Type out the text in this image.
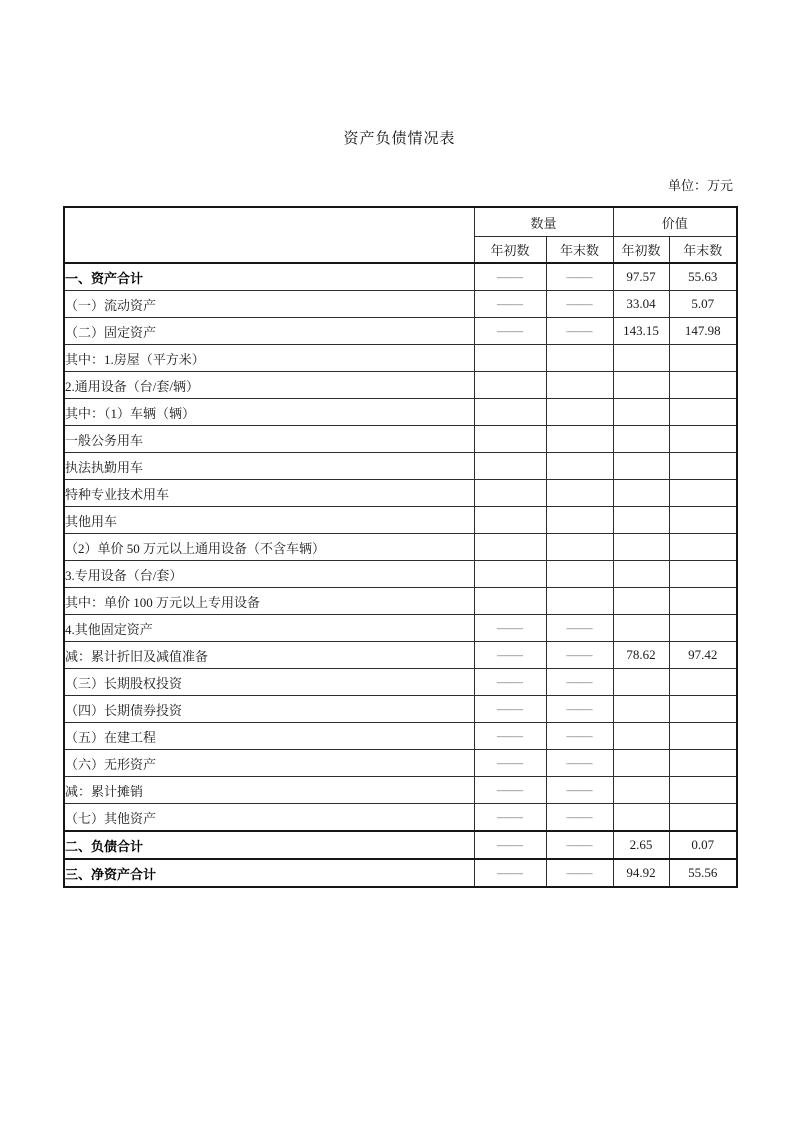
资产负债情况表
单位：万元
	数量		价值	
	年初数	年末数	年初数	年末数
一、资产合计	——	——	97.57	55.63
（一）流动资产	——	——	33.04	5.07
（二）固定资产	——	——	143.15	147.98
其中：1.房屋（平方米）				
2.通用设备（台/套/辆）				
其中：（1）车辆（辆）				
一般公务用车				
执法执勤用车				
特种专业技术用车				
其他用车				
（2）单价 50 万元以上通用设备（不含车辆）				
3.专用设备（台/套）				
其中：单价 100 万元以上专用设备				
4.其他固定资产	——	——		
减：累计折旧及减值准备	——	——	78.62	97.42
（三）长期股权投资	——	——		
（四）长期债券投资	——	——		
（五）在建工程	——	——		
（六）无形资产	——	——		
减：累计摊销	——	——		
（七）其他资产	——	——		
二、负债合计	——	——	2.65	0.07
三、净资产合计	——	——	94.92	55.56
